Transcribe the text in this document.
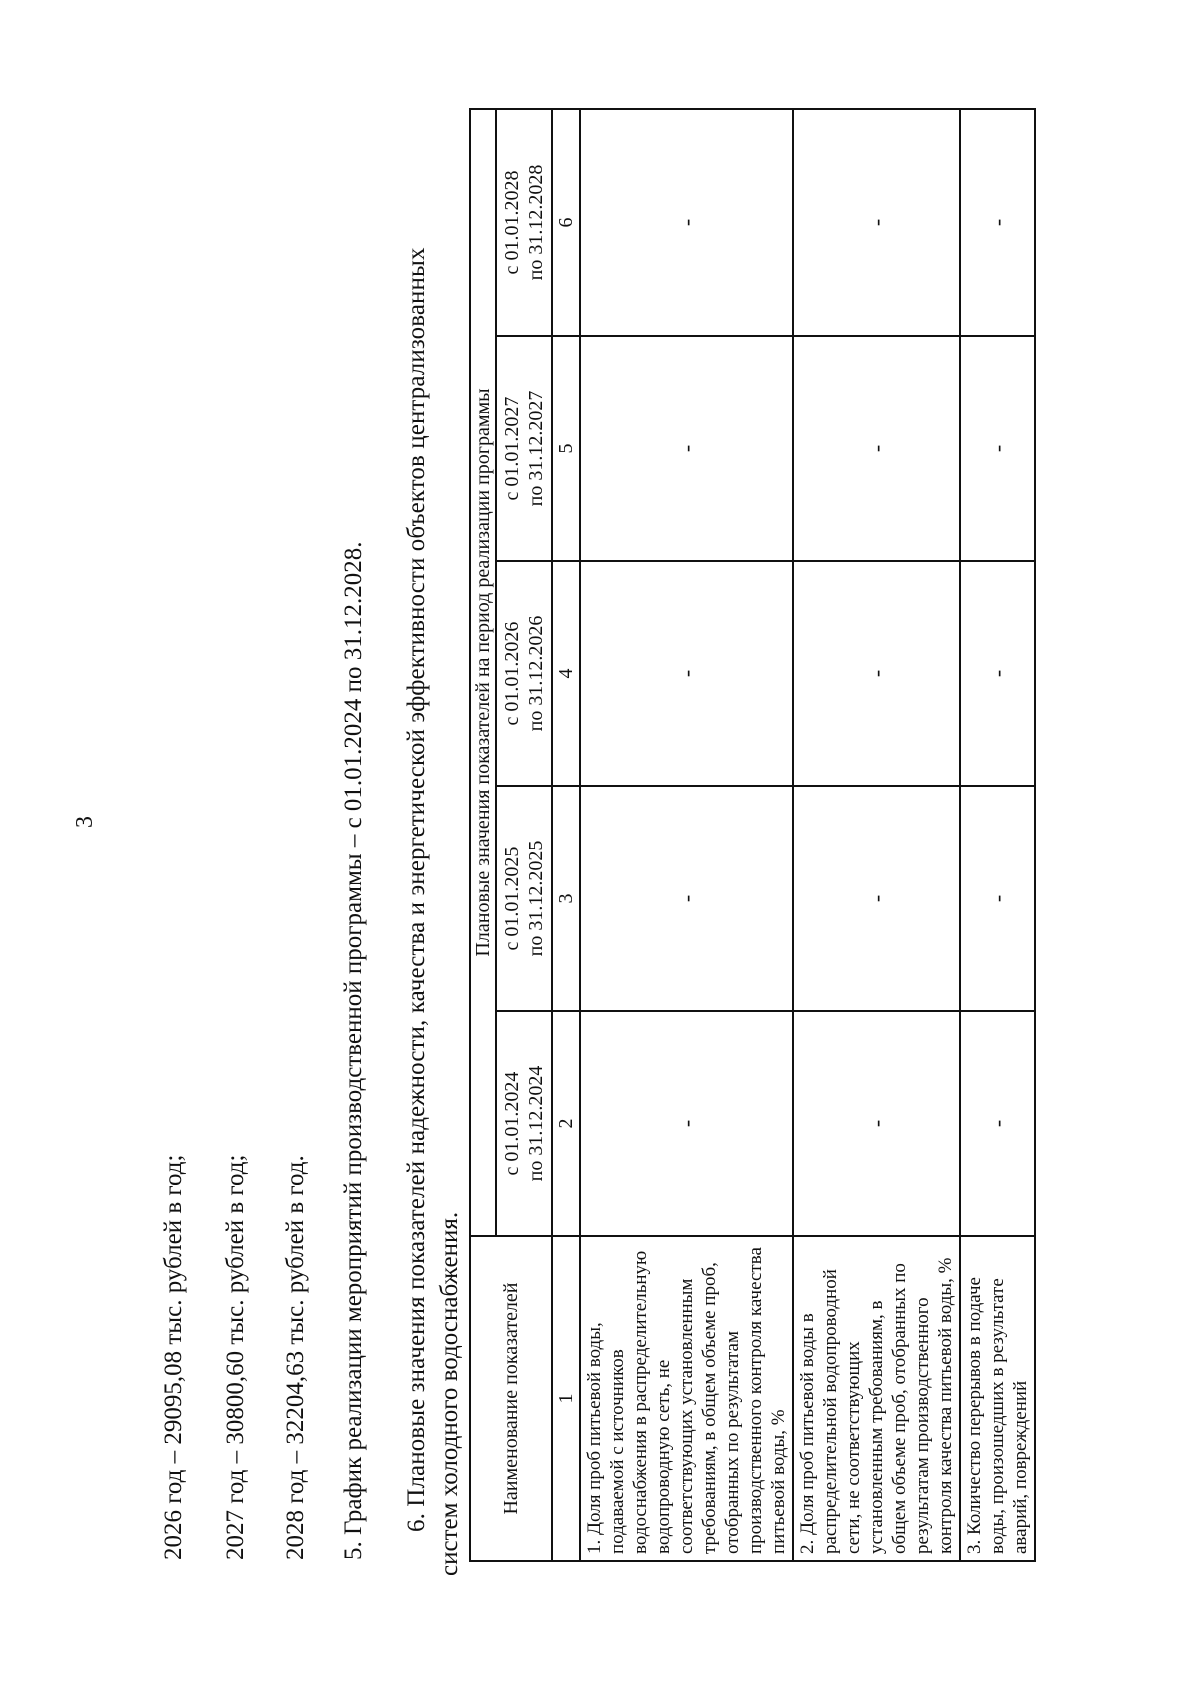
3
2026 год – 29095,08 тыс. рублей в год; 2027 год – 30800,60 тыс. рублей в год; 2028 год – 32204,63 тыс. рублей в год. 5. График реализации мероприятий производственной программы – с 01.01.2024 по 31.12.2028. 6. Плановые значения показателей надежности, качества и энергетической эффективности объектов централизованных систем холодного водоснабжения. Наименование показателей	Плановые значения показателей на период реализации программы				
	с 01.01.2024 по 31.12.2024	с 01.01.2025 по 31.12.2025	с 01.01.2026 по 31.12.2026	с 01.01.2027 по 31.12.2027	с 01.01.2028 по 31.12.2028
1	2	3	4	5	6
1. Доля проб питьевой воды, подаваемой с источников водоснабжения в распределительную водопроводную сеть, не соответствующих установленным требованиям, в общем объеме проб, отобранных по результатам производственного контроля качества питьевой воды, %	-	-	-	-	-
2. Доля проб питьевой воды в распределительной водопроводной сети, не соответствующих установленным требованиям, в общем объеме проб, отобранных по результатам производственного контроля качества питьевой воды, %	-	-	-	-	-
3. Количество перерывов в подаче воды, произошедших в результате аварий, повреждений	-	-	-	-	-
